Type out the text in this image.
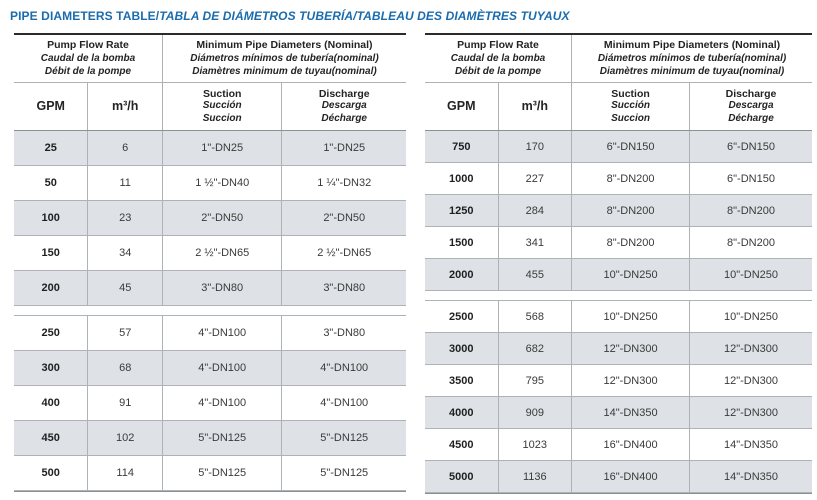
PIPE DIAMETERS TABLE/TABLA DE DIÁMETROS TUBERÍA/TABLEAU DES DIAMÈTRES TUYAUX
Pump Flow Rate
Caudal de la bomba
Débit de la pompe
Minimum Pipe Diameters (Nominal)
Diámetros mínimos de tubería(nominal)
Diamètres minimum de tuyau(nominal)
GPM	m³/h
Suction
Succión
Succion
Discharge
Descarga
Décharge
25	6	1"-DN25	1"-DN25
50	11	1 ½"-DN40	1 ¼"-DN32
100	23	2"-DN50	2"-DN50
150	34	2 ½"-DN65	2 ½"-DN65
200	45	3"-DN80	3"-DN80
250	57	4"-DN100	3"-DN80
300	68	4"-DN100	4"-DN100
400	91	4"-DN100	4"-DN100
450	102	5"-DN125	5"-DN125
500	114	5"-DN125	5"-DN125
Pump Flow Rate
Caudal de la bomba
Débit de la pompe
Minimum Pipe Diameters (Nominal)
Diámetros mínimos de tubería(nominal)
Diamètres minimum de tuyau(nominal)
GPM	m³/h
Suction
Succión
Succion
Discharge
Descarga
Décharge
750	170	6"-DN150	6"-DN150
1000	227	8"-DN200	6"-DN150
1250	284	8"-DN200	8"-DN200
1500	341	8"-DN200	8"-DN200
2000	455	10"-DN250	10"-DN250
2500	568	10"-DN250	10"-DN250
3000	682	12"-DN300	12"-DN300
3500	795	12"-DN300	12"-DN300
4000	909	14"-DN350	12"-DN300
4500	1023	16"-DN400	14"-DN350
5000	1136	16"-DN400	14"-DN350
